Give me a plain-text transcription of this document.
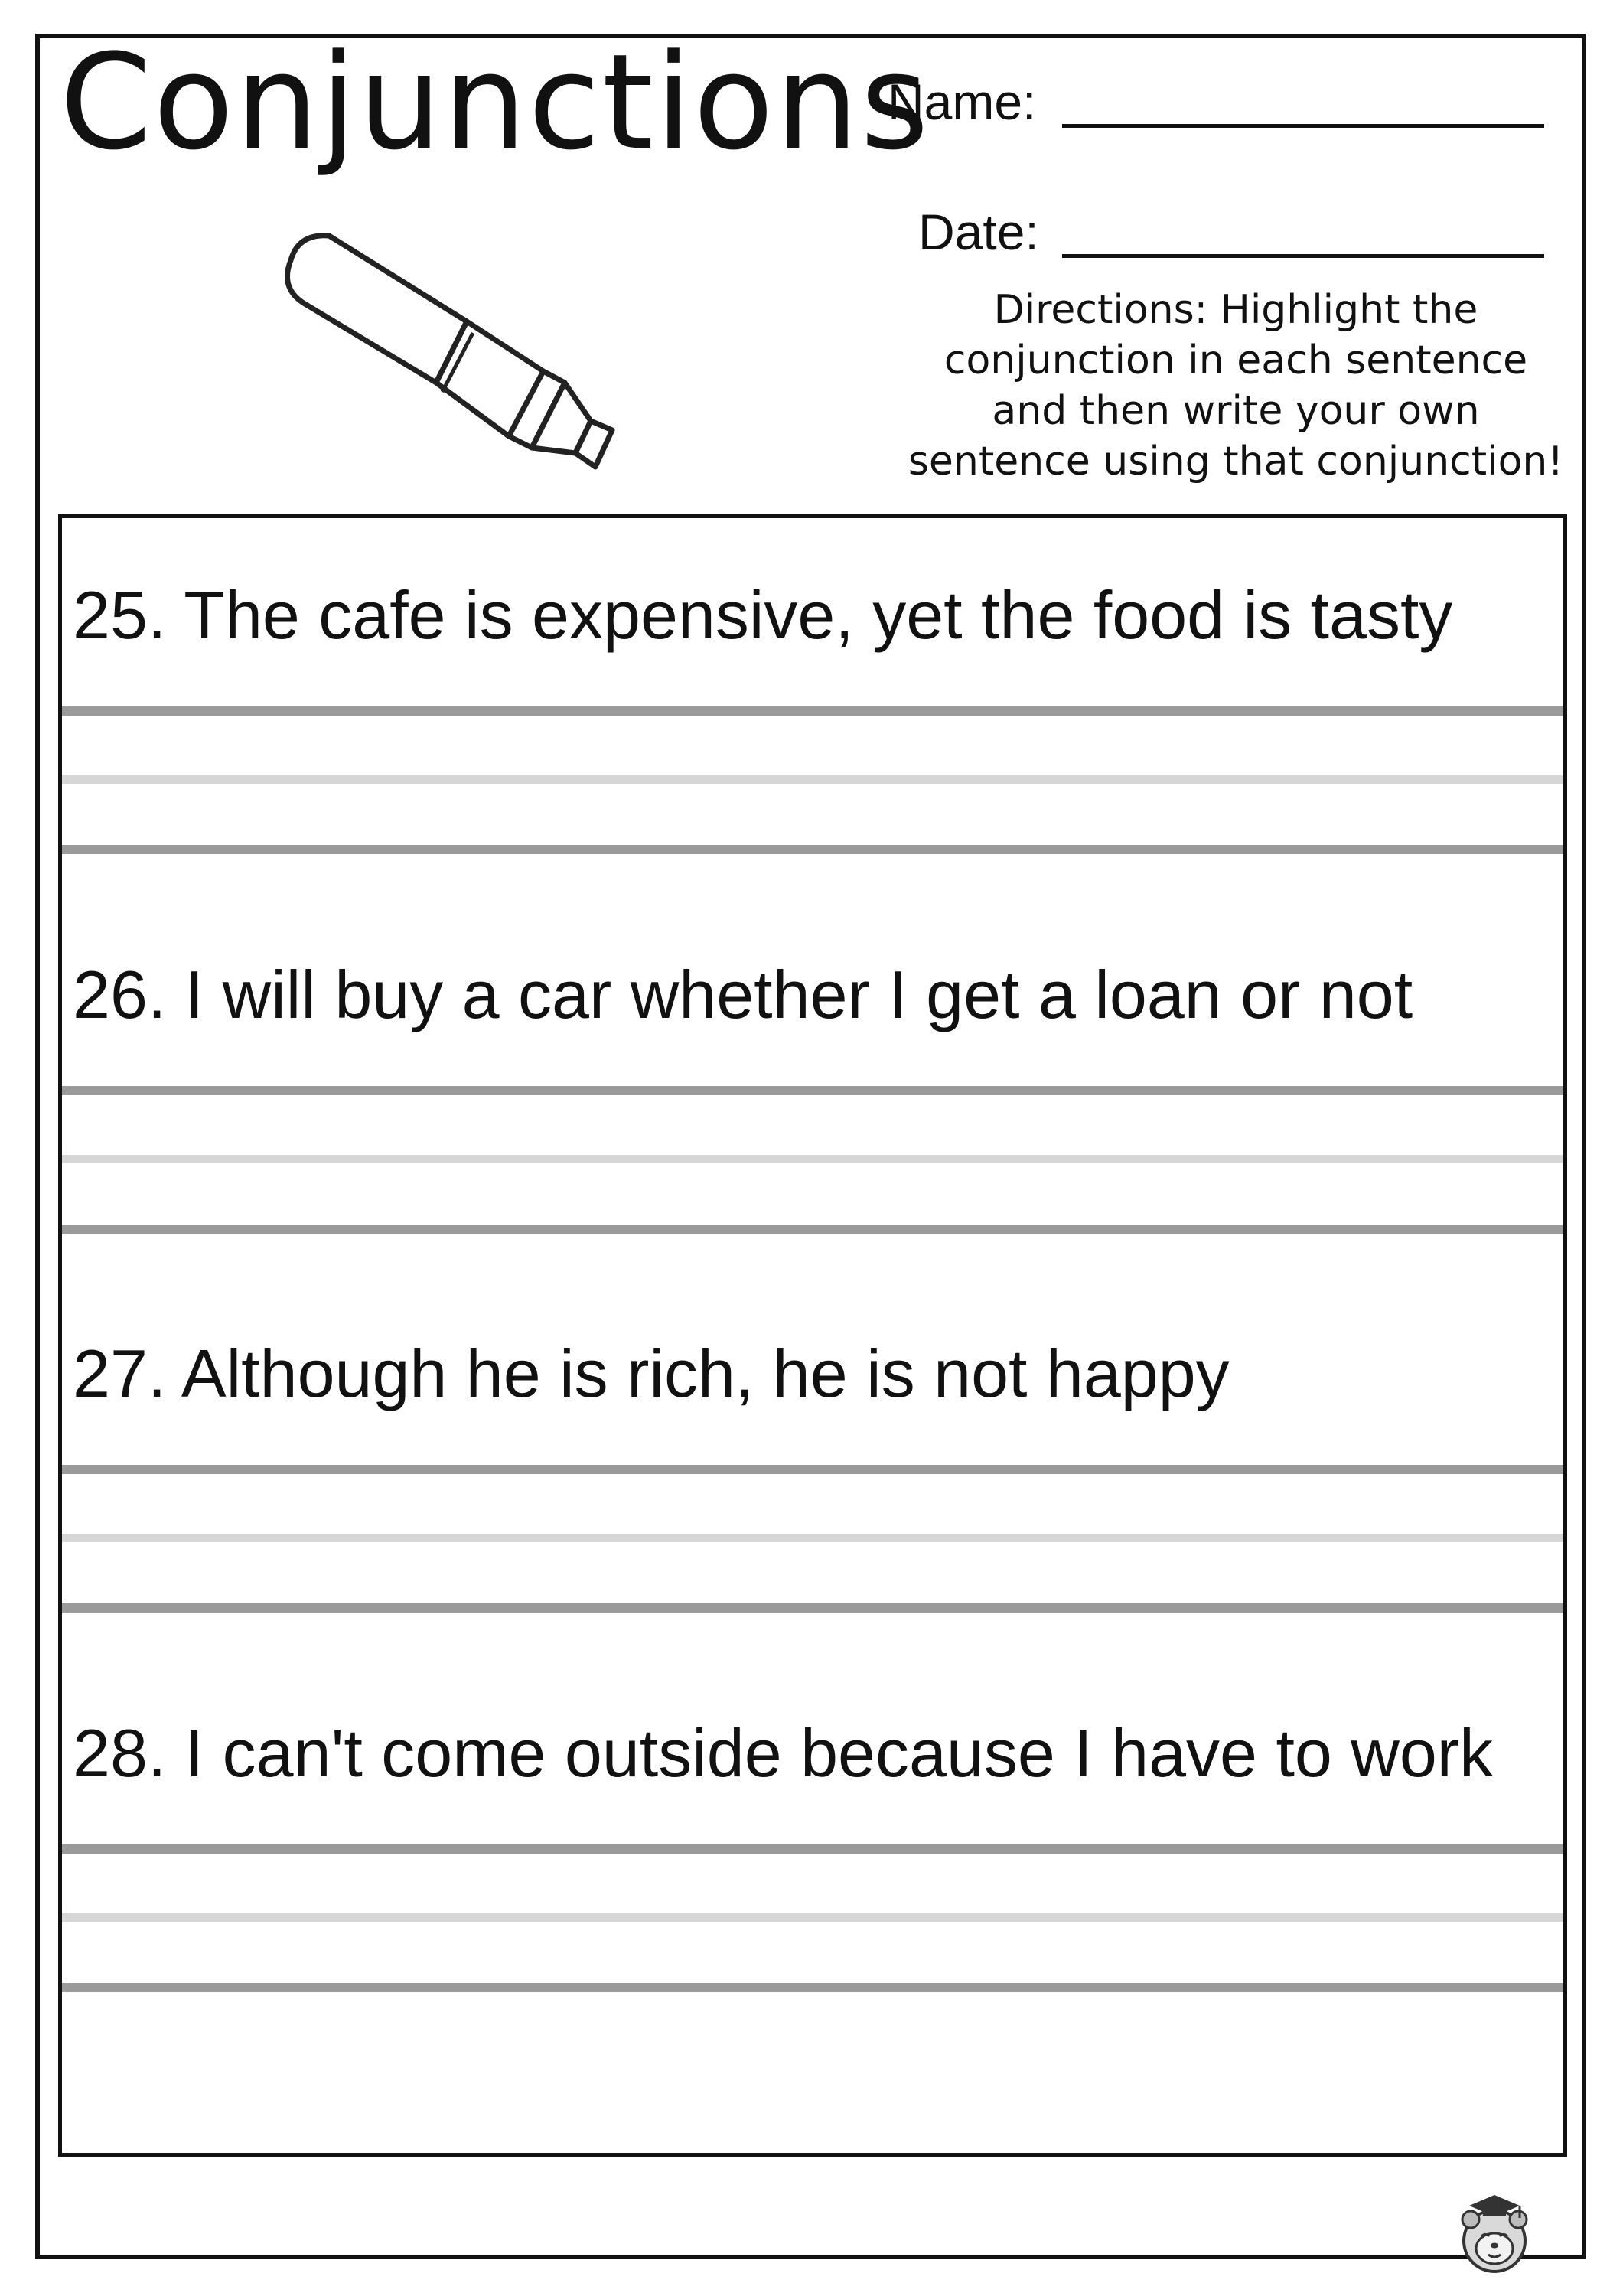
Conjunctions
Name:
Date:
Directions: Highlight the
conjunction in each sentence
and then write your own
sentence using that conjunction!
25. The cafe is expensive, yet the food is tasty
26. I will buy a car whether I get a loan or not
27. Although he is rich, he is not happy
28. I can't come outside because I have to work
